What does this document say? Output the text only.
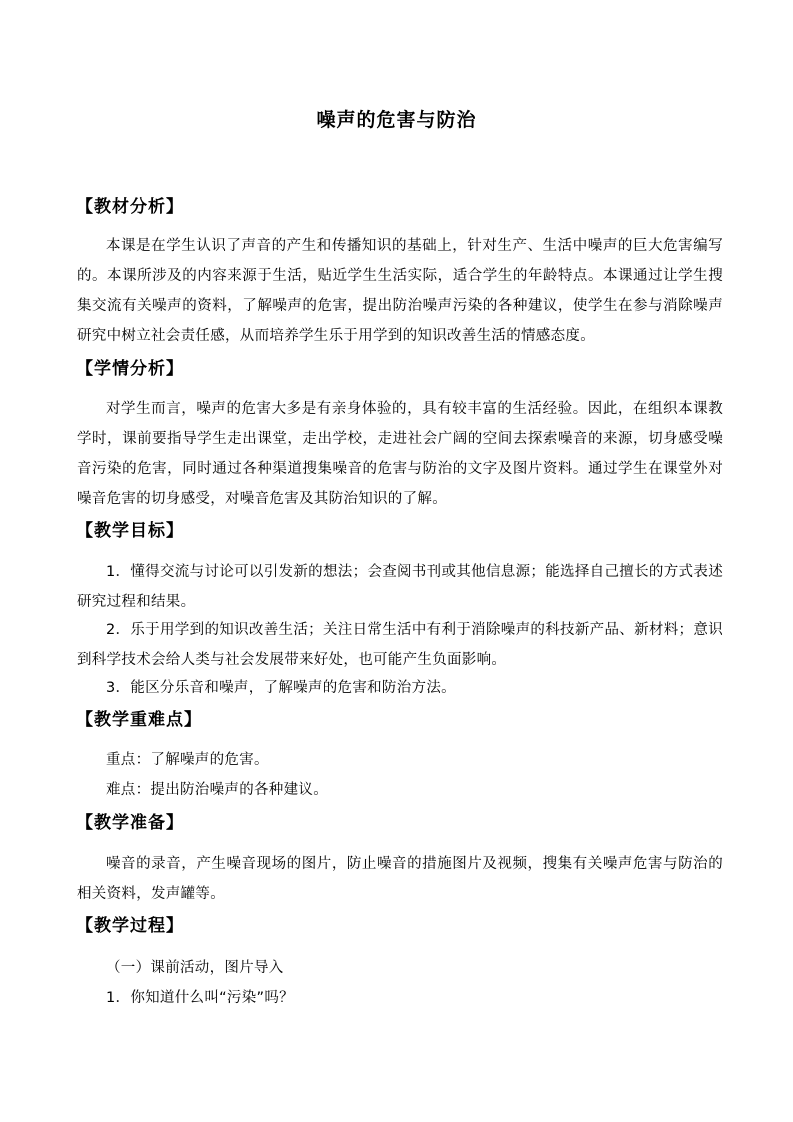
噪声的危害与防治
【教材分析】
本课是在学生认识了声音的产生和传播知识的基础上，针对生产、生活中噪声的巨大危害编写的。本课所涉及的内容来源于生活，贴近学生生活实际，适合学生的年龄特点。本课通过让学生搜集交流有关噪声的资料，了解噪声的危害，提出防治噪声污染的各种建议，使学生在参与消除噪声研究中树立社会责任感，从而培养学生乐于用学到的知识改善生活的情感态度。
【学情分析】
对学生而言，噪声的危害大多是有亲身体验的，具有较丰富的生活经验。因此，在组织本课教学时，课前要指导学生走出课堂，走出学校，走进社会广阔的空间去探索噪音的来源，切身感受噪音污染的危害，同时通过各种渠道搜集噪音的危害与防治的文字及图片资料。通过学生在课堂外对噪音危害的切身感受，对噪音危害及其防治知识的了解。
【教学目标】
1．懂得交流与讨论可以引发新的想法；会查阅书刊或其他信息源；能选择自己擅长的方式表述研究过程和结果。
2．乐于用学到的知识改善生活；关注日常生活中有利于消除噪声的科技新产品、新材料；意识到科学技术会给人类与社会发展带来好处，也可能产生负面影响。
3．能区分乐音和噪声，了解噪声的危害和防治方法。
【教学重难点】
重点：了解噪声的危害。
难点：提出防治噪声的各种建议。
【教学准备】
噪音的录音，产生噪音现场的图片，防止噪音的措施图片及视频，搜集有关噪声危害与防治的相关资料，发声罐等。
【教学过程】
（一）课前活动，图片导入
1．你知道什么叫“污染”吗？
